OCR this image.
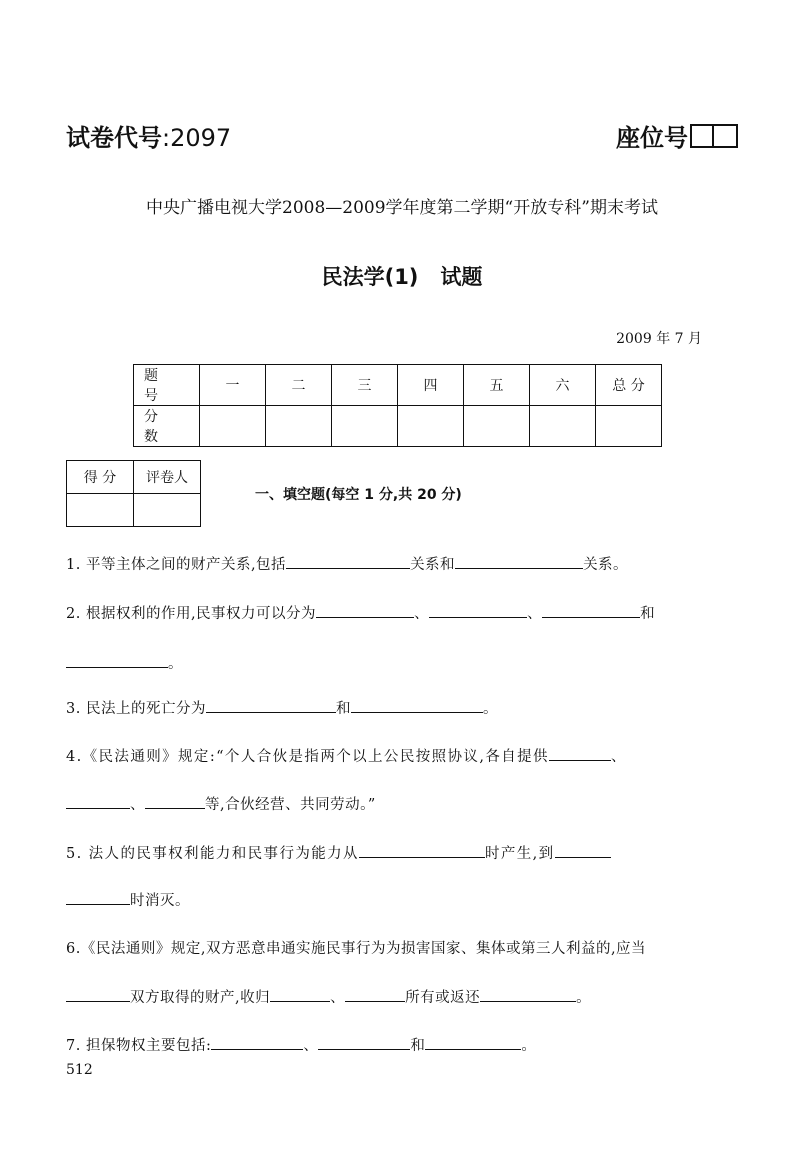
试卷代号:2097	座位号
中央广播电视大学2008—2009学年度第二学期“开放专科”期末考试
民法学(1) 试题
2009 年 7 月
题 号	一	二	三	四	五	六	总 分
分 数							
得 分	评卷人

一、填空题(每空 1 分,共 20 分)
1. 平等主体之间的财产关系,包括	关系和	关系。
2. 根据权利的作用,民事权力可以分为	、	、	和
。
3. 民法上的死亡分为	和	。
4.《民法通则》规定:“个人合伙是指两个以上公民按照协议,各自提供	、
、	等,合伙经营、共同劳动。”
5. 法人的民事权利能力和民事行为能力从	时产生,到
时消灭。
6.《民法通则》规定,双方恶意串通实施民事行为为损害国家、集体或第三人利益的,应当
双方取得的财产,收归	、	所有或返还	。
7. 担保物权主要包括:	、	和	。
512
